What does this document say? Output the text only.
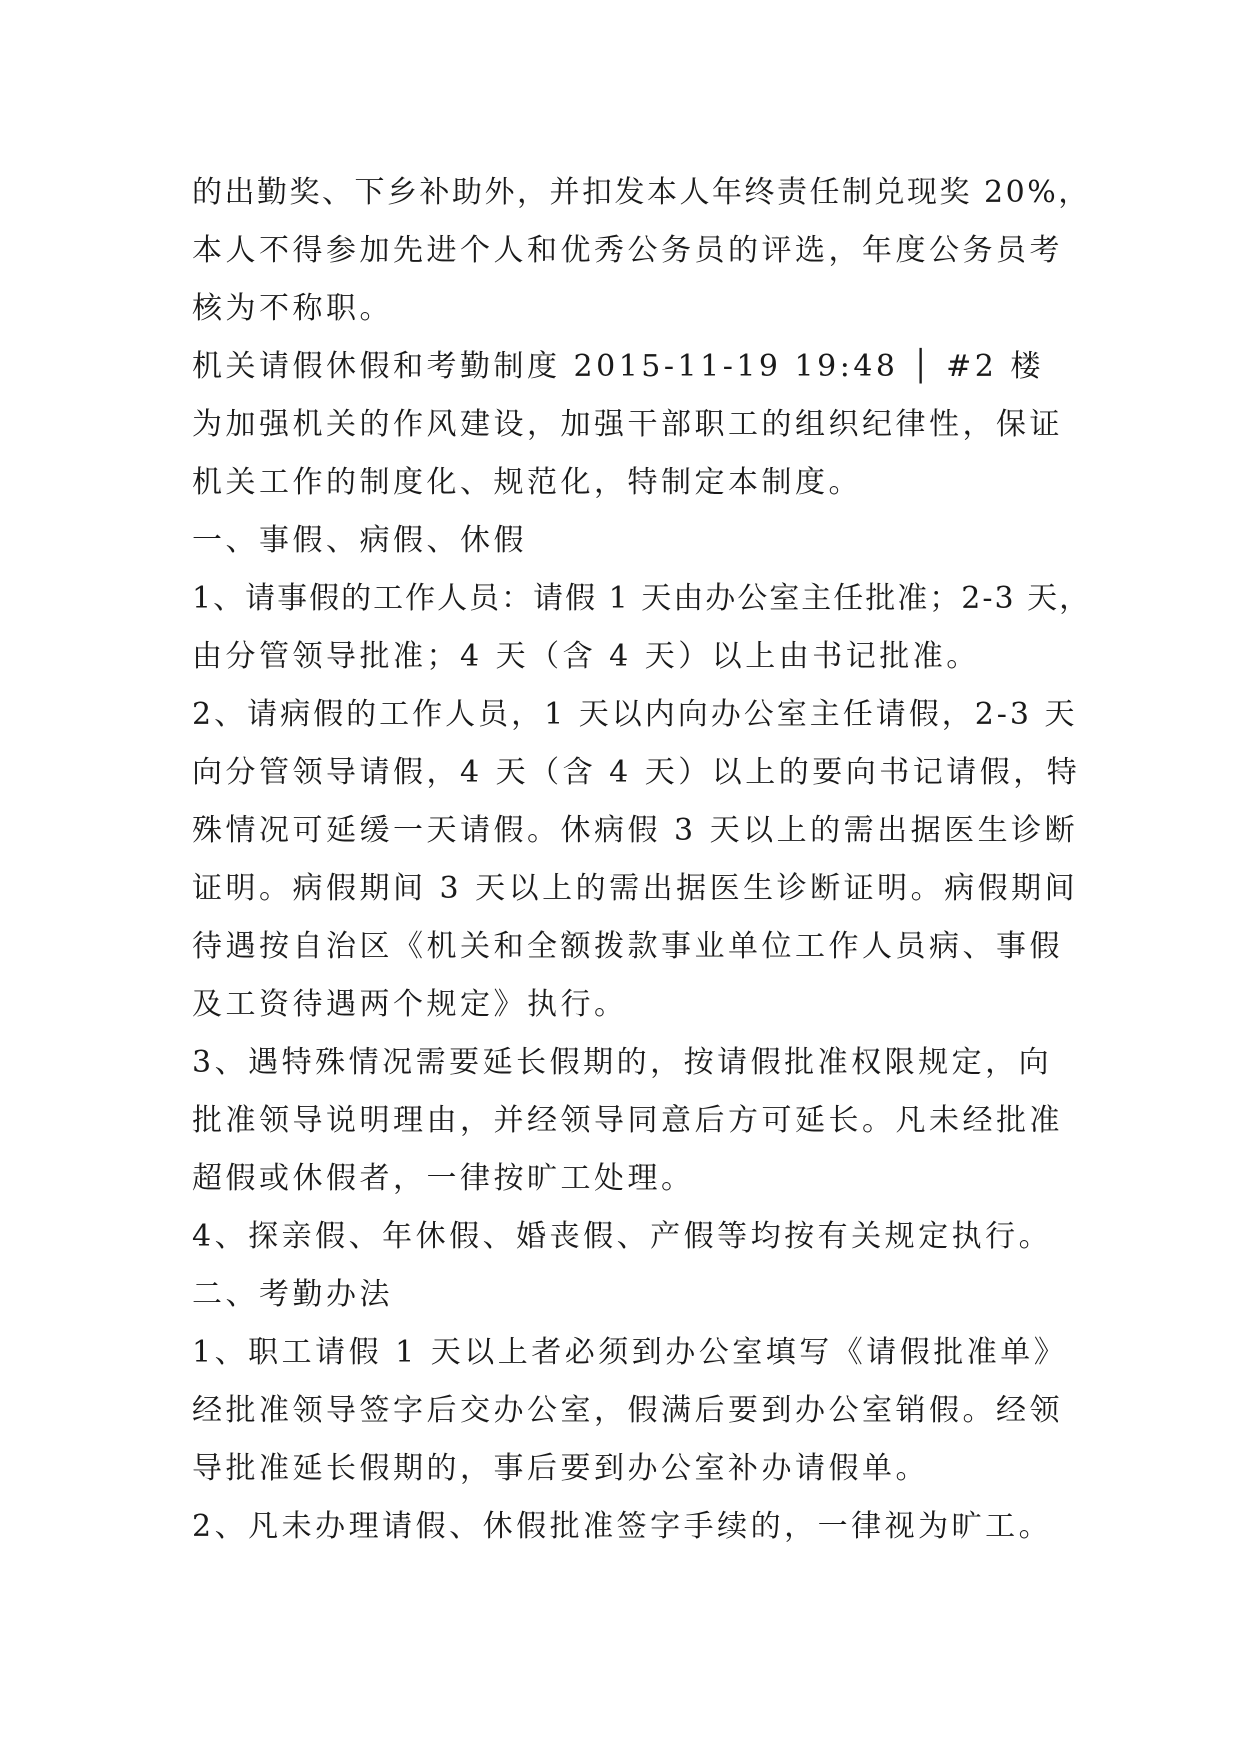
的出勤奖、下乡补助外，并扣发本人年终责任制兑现奖 20%，
本人不得参加先进个人和优秀公务员的评选，年度公务员考
核为不称职。
机关请假休假和考勤制度 2015-11-19 19:48 │ #2 楼
为加强机关的作风建设，加强干部职工的组织纪律性，保证
机关工作的制度化、规范化，特制定本制度。
一、事假、病假、休假
1、请事假的工作人员：请假 1 天由办公室主任批准；2-3 天，
由分管领导批准；4 天（含 4 天）以上由书记批准。
2、请病假的工作人员，1 天以内向办公室主任请假，2-3 天
向分管领导请假，4 天（含 4 天）以上的要向书记请假，特
殊情况可延缓一天请假。休病假 3 天以上的需出据医生诊断
证明。病假期间 3 天以上的需出据医生诊断证明。病假期间
待遇按自治区《机关和全额拨款事业单位工作人员病、事假
及工资待遇两个规定》执行。
3、遇特殊情况需要延长假期的，按请假批准权限规定，向
批准领导说明理由，并经领导同意后方可延长。凡未经批准
超假或休假者，一律按旷工处理。
4、探亲假、年休假、婚丧假、产假等均按有关规定执行。
二、考勤办法
1、职工请假 1 天以上者必须到办公室填写《请假批准单》
经批准领导签字后交办公室，假满后要到办公室销假。经领
导批准延长假期的，事后要到办公室补办请假单。
2、凡未办理请假、休假批准签字手续的，一律视为旷工。
